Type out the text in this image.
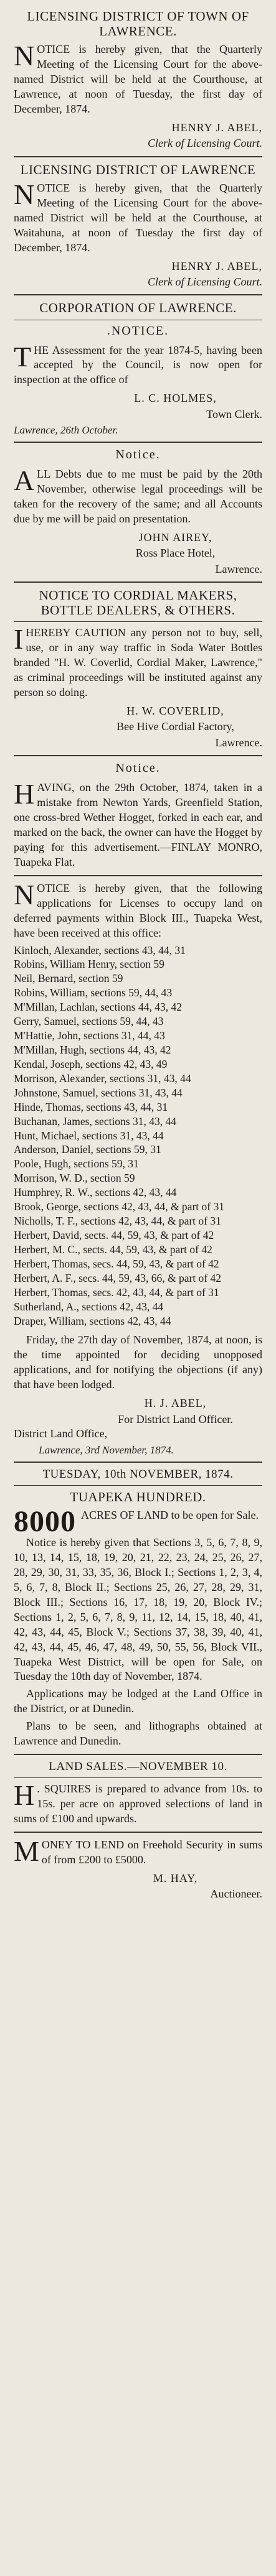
LICENSING DISTRICT OF TOWN OF LAWRENCE.

NOTICE is hereby given, that the Quarterly Meeting of the Licensing Court for the above-named District will be held at the Courthouse, at Lawrence, at noon of Tuesday, the first day of December, 1874.

HENRY J. ABEL,
Clerk of Licensing Court.
LICENSING DISTRICT OF LAWRENCE

NOTICE is hereby given, that the Quarterly Meeting of the Licensing Court for the above-named District will be held at the Courthouse, at Waitahuna, at noon of Tuesday the first day of December, 1874.

HENRY J. ABEL,
Clerk of Licensing Court.
CORPORATION OF LAWRENCE.
.NOTICE.

THE Assessment for the year 1874-5, having been accepted by the Council, is now open for inspection at the office of

L. C. HOLMES,
Town Clerk.
Lawrence, 26th October.
Notice.

ALL Debts due to me must be paid by the 20th November, otherwise legal proceedings will be taken for the recovery of the same; and all Accounts due by me will be paid on presentation.

JOHN AIREY,
Ross Place Hotel,
Lawrence.
NOTICE TO CORDIAL MAKERS, BOTTLE DEALERS, & OTHERS.

IHEREBY CAUTION any person not to buy, sell, use, or in any way traffic in Soda Water Bottles branded "H. W. Coverlid, Cordial Maker, Lawrence," as criminal proceedings will be instituted against any person so doing.

H. W. COVERLID,
Bee Hive Cordial Factory,
Lawrence.
Notice.

HAVING, on the 29th October, 1874, taken in a mistake from Newton Yards, Greenfield Station, one cross-bred Wether Hogget, forked in each ear, and marked on the back, the owner can have the Hogget by paying for this advertisement.—FINLAY MONRO, Tuapeka Flat.

NOTICE is hereby given, that the following applications for Licenses to occupy land on deferred payments within Block III., Tuapeka West, have been received at this office:

Kinloch, Alexander, sections 43, 44, 31
Robins, William Henry, section 59
Neil, Bernard, section 59
Robins, William, sections 59, 44, 43
M'Millan, Lachlan, sections 44, 43, 42
Gerry, Samuel, sections 59, 44, 43
M'Hattie, John, sections 31, 44, 43
M'Millan, Hugh, sections 44, 43, 42
Kendal, Joseph, sections 42, 43, 49
Morrison, Alexander, sections 31, 43, 44
Johnstone, Samuel, sections 31, 43, 44
Hinde, Thomas, sections 43, 44, 31
Buchanan, James, sections 31, 43, 44
Hunt, Michael, sections 31, 43, 44
Anderson, Daniel, sections 59, 31
Poole, Hugh, sections 59, 31
Morrison, W. D., section 59
Humphrey, R. W., sections 42, 43, 44
Brook, George, sections 42, 43, 44, & part of 31
Nicholls, T. F., sections 42, 43, 44, & part of 31
Herbert, David, sects. 44, 59, 43, & part of 42
Herbert, M. C., sects. 44, 59, 43, & part of 42
Herbert, Thomas, secs. 44, 59, 43, & part of 42
Herbert, A. F., secs. 44, 59, 43, 66, & part of 42
Herbert, Thomas, secs. 42, 43, 44, & part of 31
Sutherland, A., sections 42, 43, 44
Draper, William, sections 42, 43, 44

Friday, the 27th day of November, 1874, at noon, is the time appointed for deciding unopposed applications, and for notifying the objections (if any) that have been lodged.

H. J. ABEL,
For District Land Officer.
District Land Office,
Lawrence, 3rd November, 1874.
TUESDAY, 10th NOVEMBER, 1874.
TUAPEKA HUNDRED.

8000 ACRES OF LAND to be open for Sale.

Notice is hereby given that Sections 3, 5, 6, 7, 8, 9, 10, 13, 14, 15, 18, 19, 20, 21, 22, 23, 24, 25, 26, 27, 28, 29, 30, 31, 33, 35, 36, Block I.; Sections 1, 2, 3, 4, 5, 6, 7, 8, Block II.; Sections 25, 26, 27, 28, 29, 31, Block III.; Sections 16, 17, 18, 19, 20, Block IV.; Sections 1, 2, 5, 6, 7, 8, 9, 11, 12, 14, 15, 18, 40, 41, 42, 43, 44, 45, Block V.; Sections 37, 38, 39, 40, 41, 42, 43, 44, 45, 46, 47, 48, 49, 50, 55, 56, Block VII., Tuapeka West District, will be open for Sale, on Tuesday the 10th day of November, 1874.

Applications may be lodged at the Land Office in the District, or at Dunedin.

Plans to be seen, and lithographs obtained at Lawrence and Dunedin.

LAND SALES.—NOVEMBER 10.

H . SQUIRES is prepared to advance from 10s. to 15s. per acre on approved selections of land in sums of £100 and upwards.

MONEY TO LEND on Freehold Security in sums of from £200 to £5000.

M. HAY,
Auctioneer.
